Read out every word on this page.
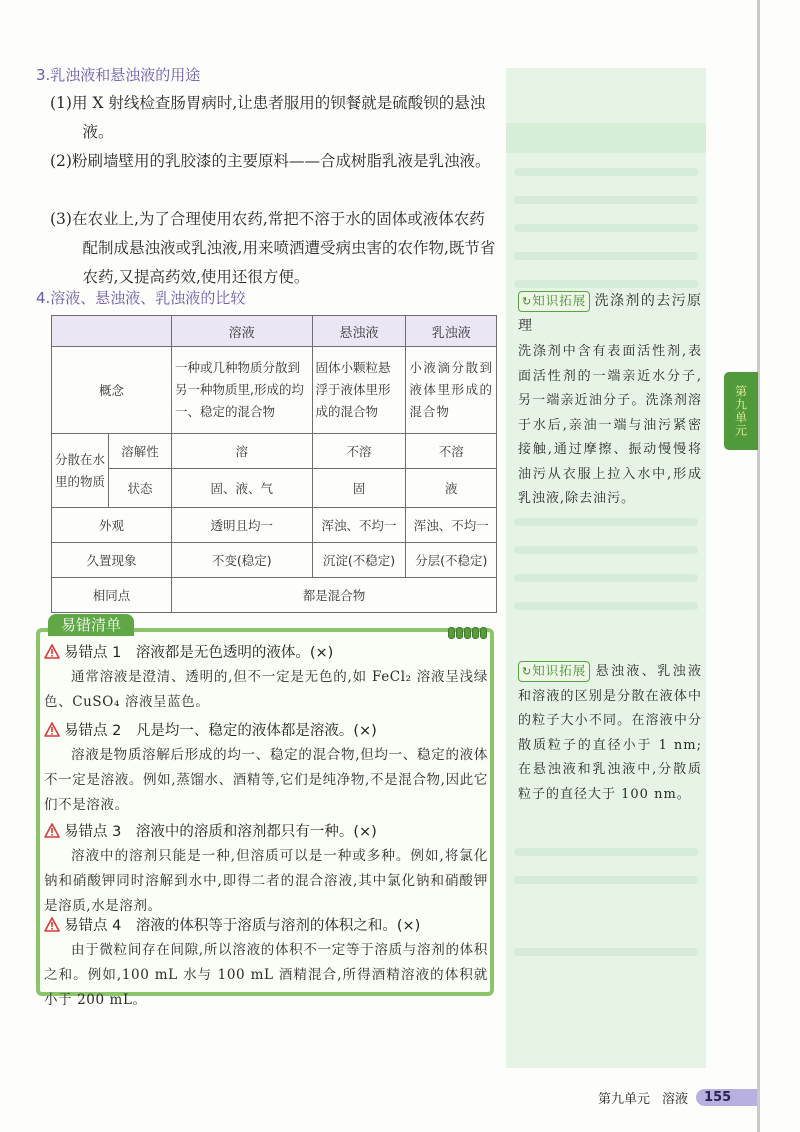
第九单元
3.乳浊液和悬浊液的用途
(1)用 X 射线检查肠胃病时,让患者服用的钡餐就是硫酸钡的悬浊液。
(2)粉刷墙壁用的乳胶漆的主要原料——合成树脂乳液是乳浊液。
(3)在农业上,为了合理使用农药,常把不溶于水的固体或液体农药配制成悬浊液或乳浊液,用来喷洒遭受病虫害的农作物,既节省农药,又提高药效,使用还很方便。
4.溶液、悬浊液、乳浊液的比较
		溶液	悬浊液	乳浊液
概念		一种或几种物质分散到另一种物质里,形成的均一、稳定的混合物	固体小颗粒悬浮于液体里形成的混合物	小液滴分散到液体里形成的混合物
分散在水里的物质	溶解性	溶	不溶	不溶
	状态	固、液、气	固	液
外观		透明且均一	浑浊、不均一	浑浊、不均一
久置现象		不变(稳定)	沉淀(不稳定)	分层(不稳定)
相同点		都是混合物		
易错清单
易错点 1　溶液都是无色透明的液体。(×)
通常溶液是澄清、透明的,但不一定是无色的,如 FeCl₂ 溶液呈浅绿色、CuSO₄ 溶液呈蓝色。
易错点 2　凡是均一、稳定的液体都是溶液。(×)
溶液是物质溶解后形成的均一、稳定的混合物,但均一、稳定的液体不一定是溶液。例如,蒸馏水、酒精等,它们是纯净物,不是混合物,因此它们不是溶液。
易错点 3　溶液中的溶质和溶剂都只有一种。(×)
溶液中的溶剂只能是一种,但溶质可以是一种或多种。例如,将氯化钠和硝酸钾同时溶解到水中,即得二者的混合溶液,其中氯化钠和硝酸钾是溶质,水是溶剂。
易错点 4　溶液的体积等于溶质与溶剂的体积之和。(×)
由于微粒间存在间隙,所以溶液的体积不一定等于溶质与溶剂的体积之和。例如,100 mL 水与 100 mL 酒精混合,所得酒精溶液的体积就小于 200 mL。
↻知识拓展 洗涤剂的去污原理
洗涤剂中含有表面活性剂,表面活性剂的一端亲近水分子,另一端亲近油分子。洗涤剂溶于水后,亲油一端与油污紧密接触,通过摩擦、振动慢慢将油污从衣服上拉入水中,形成乳浊液,除去油污。
↻知识拓展 悬浊液、乳浊液和溶液的区别是分散在液体中的粒子大小不同。在溶液中分散质粒子的直径小于 1 nm;在悬浊液和乳浊液中,分散质粒子的直径大于 100 nm。
第九单元 溶液	155
